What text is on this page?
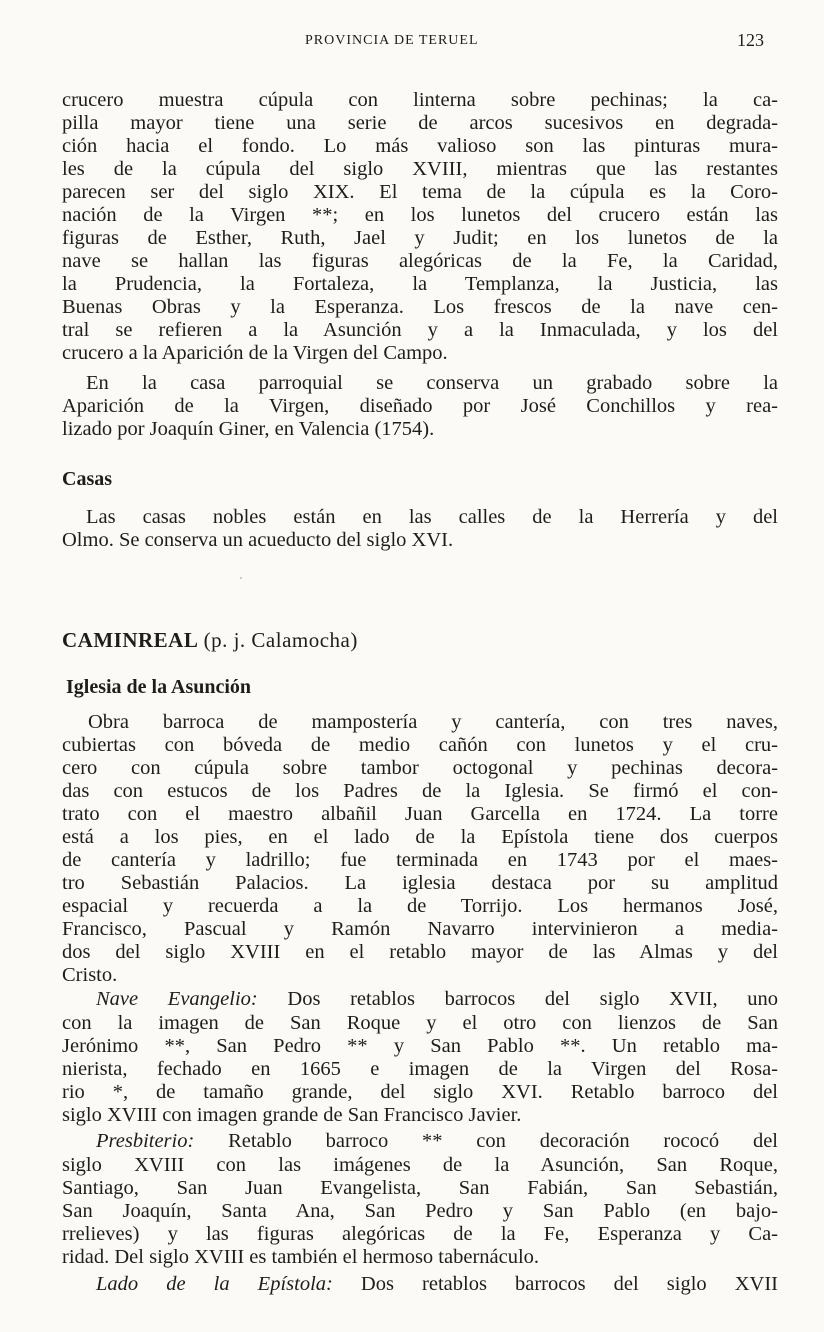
PROVINCIA DE TERUEL	123
crucero muestra cúpula con linterna sobre pechinas; la ca-
pilla mayor tiene una serie de arcos sucesivos en degrada-
ción hacia el fondo. Lo más valioso son las pinturas mura-
les de la cúpula del siglo XVIII, mientras que las restantes
parecen ser del siglo XIX. El tema de la cúpula es la Coro-
nación de la Virgen **; en los lunetos del crucero están las
figuras de Esther, Ruth, Jael y Judit; en los lunetos de la
nave se hallan las figuras alegóricas de la Fe, la Caridad,
la Prudencia, la Fortaleza, la Templanza, la Justicia, las
Buenas Obras y la Esperanza. Los frescos de la nave cen-
tral se refieren a la Asunción y a la Inmaculada, y los del
crucero a la Aparición de la Virgen del Campo.
En la casa parroquial se conserva un grabado sobre la
Aparición de la Virgen, diseñado por José Conchillos y rea-
lizado por Joaquín Giner, en Valencia (1754).
Casas
Las casas nobles están en las calles de la Herrería y del
Olmo. Se conserva un acueducto del siglo XVI.
CAMINREAL (p. j. Calamocha)
Iglesia de la Asunción
Obra barroca de mampostería y cantería, con tres naves,
cubiertas con bóveda de medio cañón con lunetos y el cru-
cero con cúpula sobre tambor octogonal y pechinas decora-
das con estucos de los Padres de la Iglesia. Se firmó el con-
trato con el maestro albañil Juan Garcella en 1724. La torre
está a los pies, en el lado de la Epístola tiene dos cuerpos
de cantería y ladrillo; fue terminada en 1743 por el maes-
tro Sebastián Palacios. La iglesia destaca por su amplitud
espacial y recuerda a la de Torrijo. Los hermanos José,
Francisco, Pascual y Ramón Navarro intervinieron a media-
dos del siglo XVIII en el retablo mayor de las Almas y del
Cristo.
Nave Evangelio: Dos retablos barrocos del siglo XVII, uno
con la imagen de San Roque y el otro con lienzos de San
Jerónimo **, San Pedro ** y San Pablo **. Un retablo ma-
nierista, fechado en 1665 e imagen de la Virgen del Rosa-
rio *, de tamaño grande, del siglo XVI. Retablo barroco del
siglo XVIII con imagen grande de San Francisco Javier.
Presbiterio: Retablo barroco ** con decoración rococó del
siglo XVIII con las imágenes de la Asunción, San Roque,
Santiago, San Juan Evangelista, San Fabián, San Sebastián,
San Joaquín, Santa Ana, San Pedro y San Pablo (en bajo-
rrelieves) y las figuras alegóricas de la Fe, Esperanza y Ca-
ridad. Del siglo XVIII es también el hermoso tabernáculo.
Lado de la Epístola: Dos retablos barrocos del siglo XVII
